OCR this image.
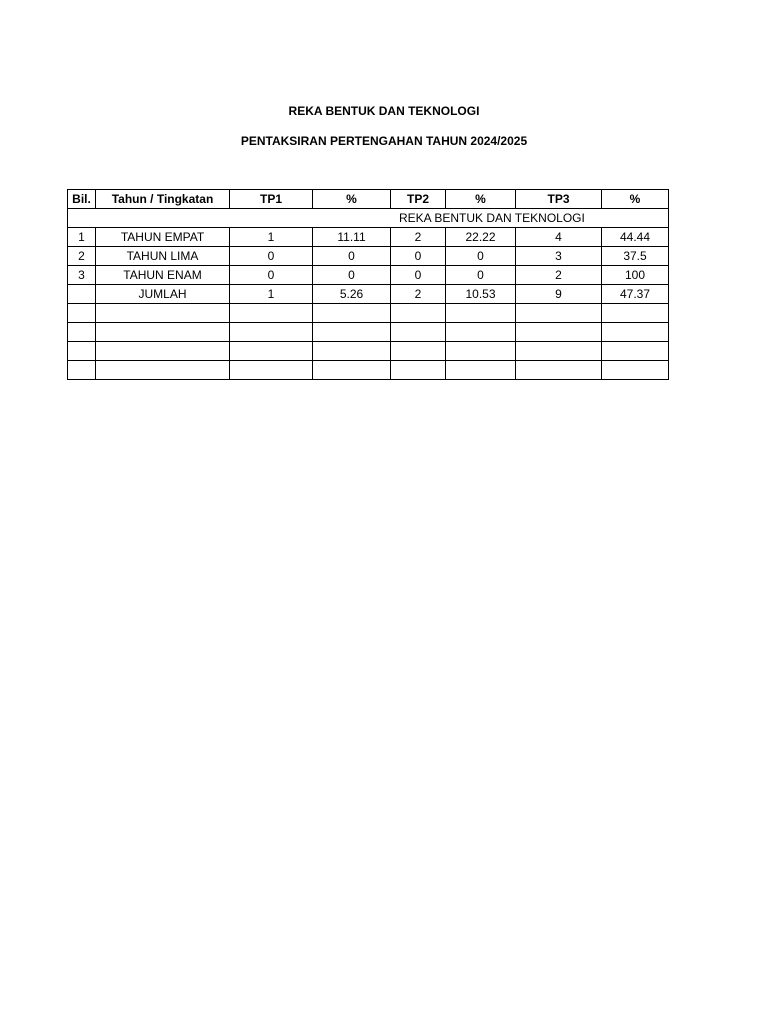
REKA BENTUK DAN TEKNOLOGI
PENTAKSIRAN PERTENGAHAN TAHUN 2024/2025
Bil.	Tahun / Tingkatan	TP1	%	TP2	%	TP3	%
REKA BENTUK DAN TEKNOLOGI							
1	TAHUN EMPAT	1	11.11	2	22.22	4	44.44
2	TAHUN LIMA	0	0	0	0	3	37.5
3	TAHUN ENAM	0	0	0	0	2	100
	JUMLAH	1	5.26	2	10.53	9	47.37
